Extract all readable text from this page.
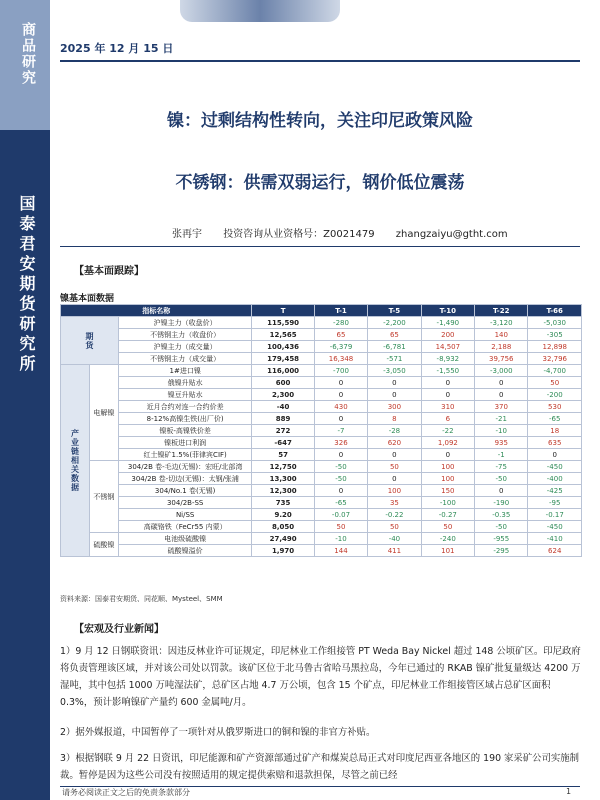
商品研究
国泰君安期货研究所
2025 年 12 月 15 日
镍：过剩结构性转向，关注印尼政策风险
不锈钢：供需双弱运行，钢价低位震荡
张再宇 投资咨询从业资格号：Z0021479 zhangzaiyu@gtht.com
【基本面跟踪】
镍基本面数据
指标名称			T	T-1	T-5	T-10	T-22	T-66
期货		沪镍主力（收盘价）	115,590	-280	-2,200	-1,490	-3,120	-5,030
		不锈钢主力（收盘价）	12,565	65	65	200	140	-305
		沪镍主力（成交量）	100,436	-6,379	-6,781	14,507	2,188	12,898
		不锈钢主力（成交量）	179,458	16,348	-571	-8,932	39,756	32,796
产业链相关数据	电解镍	1#进口镍	116,000	-700	-3,050	-1,550	-3,000	-4,700
		俄镍升贴水	600	0	0	0	0	50
		镍豆升贴水	2,300	0	0	0	0	-200
		近月合约对连一合约价差	-40	430	300	310	370	530
		8-12%高镍生铁(出厂价)	889	0	8	6	-21	-65
		镍板-高镍铁价差	272	-7	-28	-22	-10	18
		镍板进口利润	-647	326	620	1,092	935	635
		红土镍矿1.5%(菲律宾CIF)	57	0	0	0	-1	0
	不锈钢	304/2B 卷-毛边(无锡)：宏旺/北部湾	12,750	-50	50	100	-75	-450
		304/2B 卷-切边(无锡)：太钢/张浦	13,300	-50	0	100	-50	-400
		304/No.1 卷(无锡)	12,300	0	100	150	0	-425
		304/2B-SS	735	-65	35	-100	-190	-95
		Ni/SS	9.20	-0.07	-0.22	-0.27	-0.35	-0.17
		高碳铬铁（FeCr55 内蒙）	8,050	50	50	50	-50	-450
	硫酸镍	电池级硫酸镍	27,490	-10	-40	-240	-955	-410
		硫酸镍溢价	1,970	144	411	101	-295	624
资料来源：国泰君安期货、同花顺、Mysteel、SMM
【宏观及行业新闻】
1）9 月 12 日钢联资讯：因违反林业许可证规定，印尼林业工作组接管 PT Weda Bay Nickel 超过 148 公顷矿区。印尼政府将负责管理该区域，并对该公司处以罚款。该矿区位于北马鲁古省哈马黑拉岛，今年已通过的 RKAB 镍矿批复量级达 4200 万湿吨，其中包括 1000 万吨湿法矿，总矿区占地 4.7 万公顷，包含 15 个矿点，印尼林业工作组接管区域占总矿区面积 0.3%，预计影响镍矿产量约 600 金属吨/月。
2）据外媒报道，中国暂停了一项针对从俄罗斯进口的铜和镍的非官方补贴。
3）根据钢联 9 月 22 日资讯，印尼能源和矿产资源部通过矿产和煤炭总局正式对印度尼西亚各地区的 190 家采矿公司实施制裁。暂停是因为这些公司没有按照适用的规定提供索赔和退款担保，尽管之前已经
请务必阅读正文之后的免责条款部分	1
